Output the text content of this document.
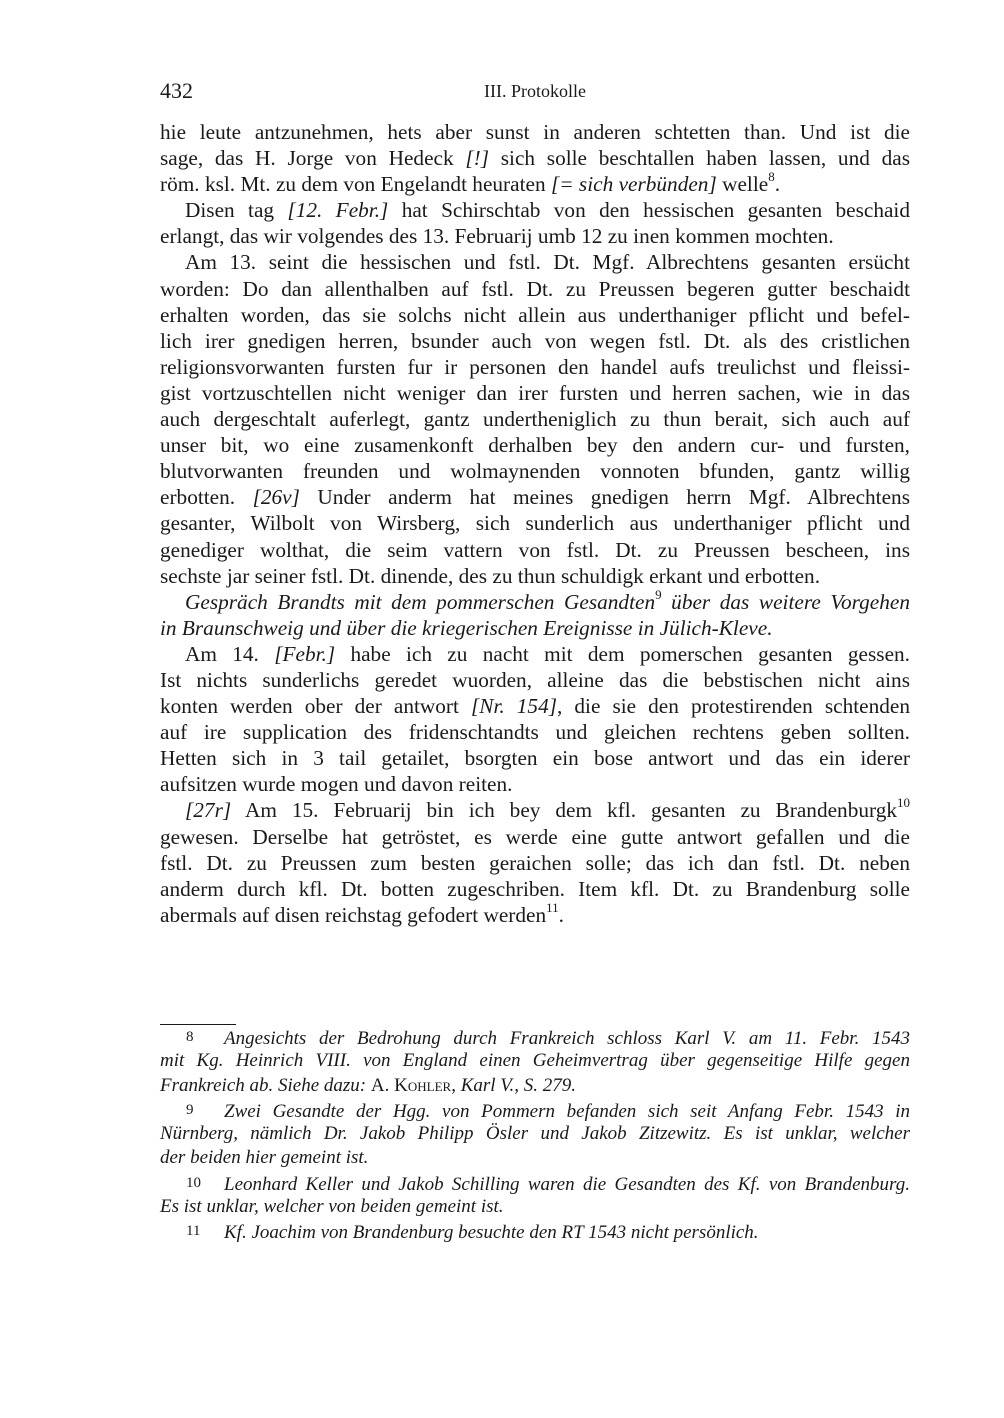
432	III. Protokolle
hie leute antzunehmen, hets aber sunst in anderen schtetten than. Und ist die
sage, das H. Jorge von Hedeck [!] sich solle beschtallen haben lassen, und das
röm. ksl. Mt. zu dem von Engelandt heuraten [= sich verbünden] welle$^8$.
Disen tag [12. Febr.] hat Schirschtab von den hessischen gesanten beschaid
erlangt, das wir volgendes des 13. Februarij umb 12 zu inen kommen mochten.
Am 13. seint die hessischen und fstl. Dt. Mgf. Albrechtens gesanten ersücht
worden: Do dan allenthalben auf fstl. Dt. zu Preussen begeren gutter beschaidt
erhalten worden, das sie solchs nicht allein aus underthaniger pflicht und befel-
lich irer gnedigen herren, bsunder auch von wegen fstl. Dt. als des cristlichen
religionsvorwanten fursten fur ir personen den handel aufs treulichst und fleissi-
gist vortzuschtellen nicht weniger dan irer fursten und herren sachen, wie in das
auch dergeschtalt auferlegt, gantz undertheniglich zu thun berait, sich auch auf
unser bit, wo eine zusamenkonft derhalben bey den andern cur- und fursten,
blutvorwanten freunden und wolmaynenden vonnoten bfunden, gantz willig
erbotten. [26v] Under anderm hat meines gnedigen herrn Mgf. Albrechtens
gesanter, Wilbolt von Wirsberg, sich sunderlich aus underthaniger pflicht und
genediger wolthat, die seim vattern von fstl. Dt. zu Preussen bescheen, ins
sechste jar seiner fstl. Dt. dinende, des zu thun schuldigk erkant und erbotten.
Gespräch Brandts mit dem pommerschen Gesandten$^9$ über das weitere Vorgehen
in Braunschweig und über die kriegerischen Ereignisse in Jülich-Kleve.
Am 14. [Febr.] habe ich zu nacht mit dem pomerschen gesanten gessen.
Ist nichts sunderlichs geredet wuorden, alleine das die bebstischen nicht ains
konten werden ober der antwort [Nr. 154], die sie den protestirenden schtenden
auf ire supplication des fridenschtandts und gleichen rechtens geben sollten.
Hetten sich in 3 tail getailet, bsorgten ein bose antwort und das ein iderer
aufsitzen wurde mogen und davon reiten.
[27r] Am 15. Februarij bin ich bey dem kfl. gesanten zu Brandenburgk$^{10}$
gewesen. Derselbe hat getröstet, es werde eine gutte antwort gefallen und die
fstl. Dt. zu Preussen zum besten geraichen solle; das ich dan fstl. Dt. neben
anderm durch kfl. Dt. botten zugeschriben. Item kfl. Dt. zu Brandenburg solle
abermals auf disen reichstag gefodert werden$^{11}$.
8 Angesichts der Bedrohung durch Frankreich schloss Karl V. am 11. Febr. 1543
mit Kg. Heinrich VIII. von England einen Geheimvertrag über gegenseitige Hilfe gegen
Frankreich ab. Siehe dazu: A. Kohler, Karl V., S. 279.
9 Zwei Gesandte der Hgg. von Pommern befanden sich seit Anfang Febr. 1543 in
Nürnberg, nämlich Dr. Jakob Philipp Ösler und Jakob Zitzewitz. Es ist unklar, welcher
der beiden hier gemeint ist.
10 Leonhard Keller und Jakob Schilling waren die Gesandten des Kf. von Brandenburg.
Es ist unklar, welcher von beiden gemeint ist.
11 Kf. Joachim von Brandenburg besuchte den RT 1543 nicht persönlich.
